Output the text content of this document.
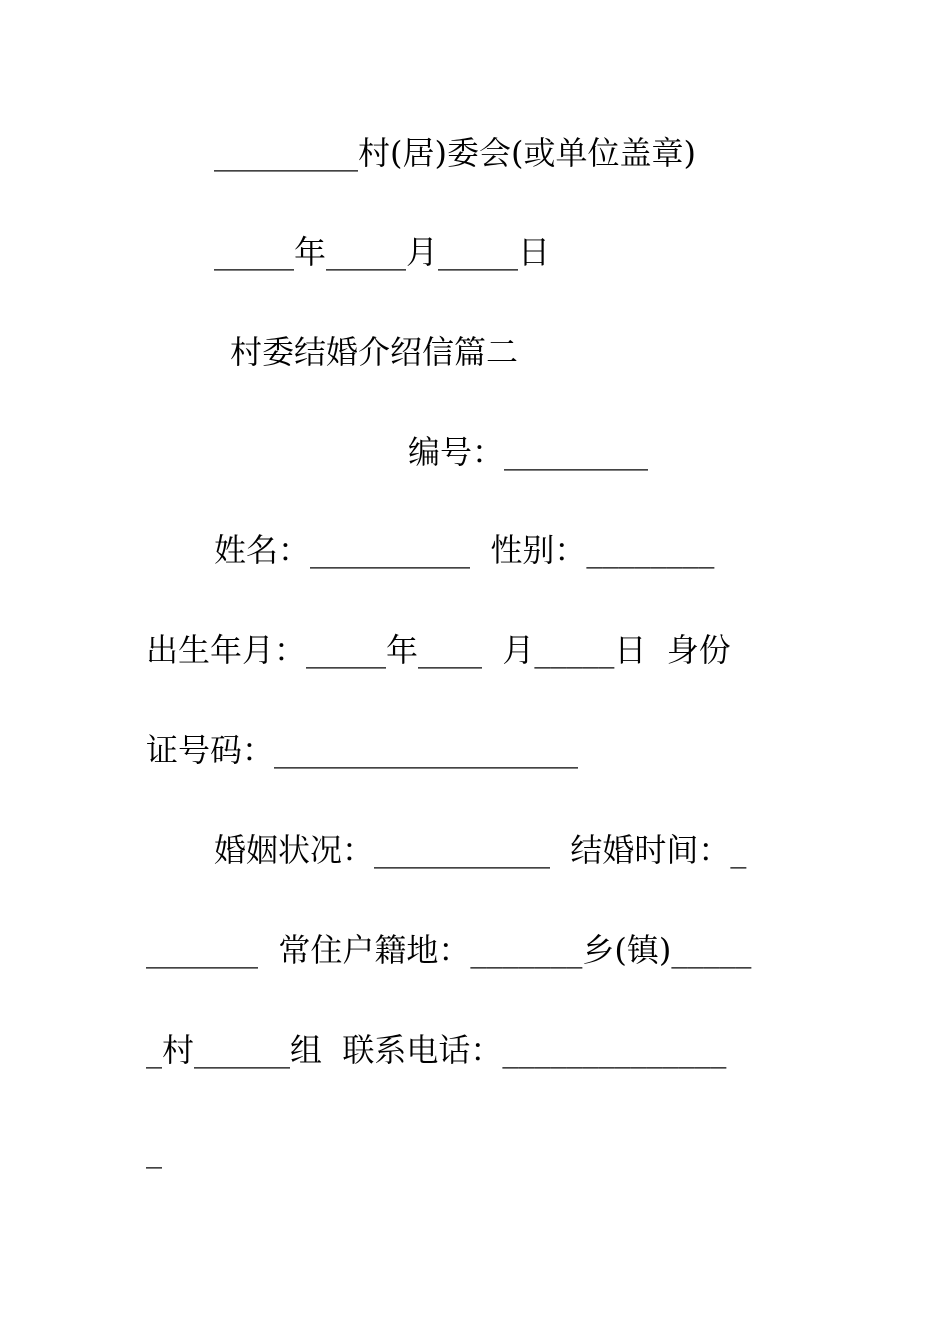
_________村(居)委会(或单位盖章)
_____年_____月_____日
村委结婚介绍信篇二
编号：_________
姓名：__________  性别：________
出生年月：_____年____  月_____日  身份
证号码：___________________
婚姻状况：___________  结婚时间：_
_______  常住户籍地：_______乡(镇)_____
_村______组  联系电话：______________
_
